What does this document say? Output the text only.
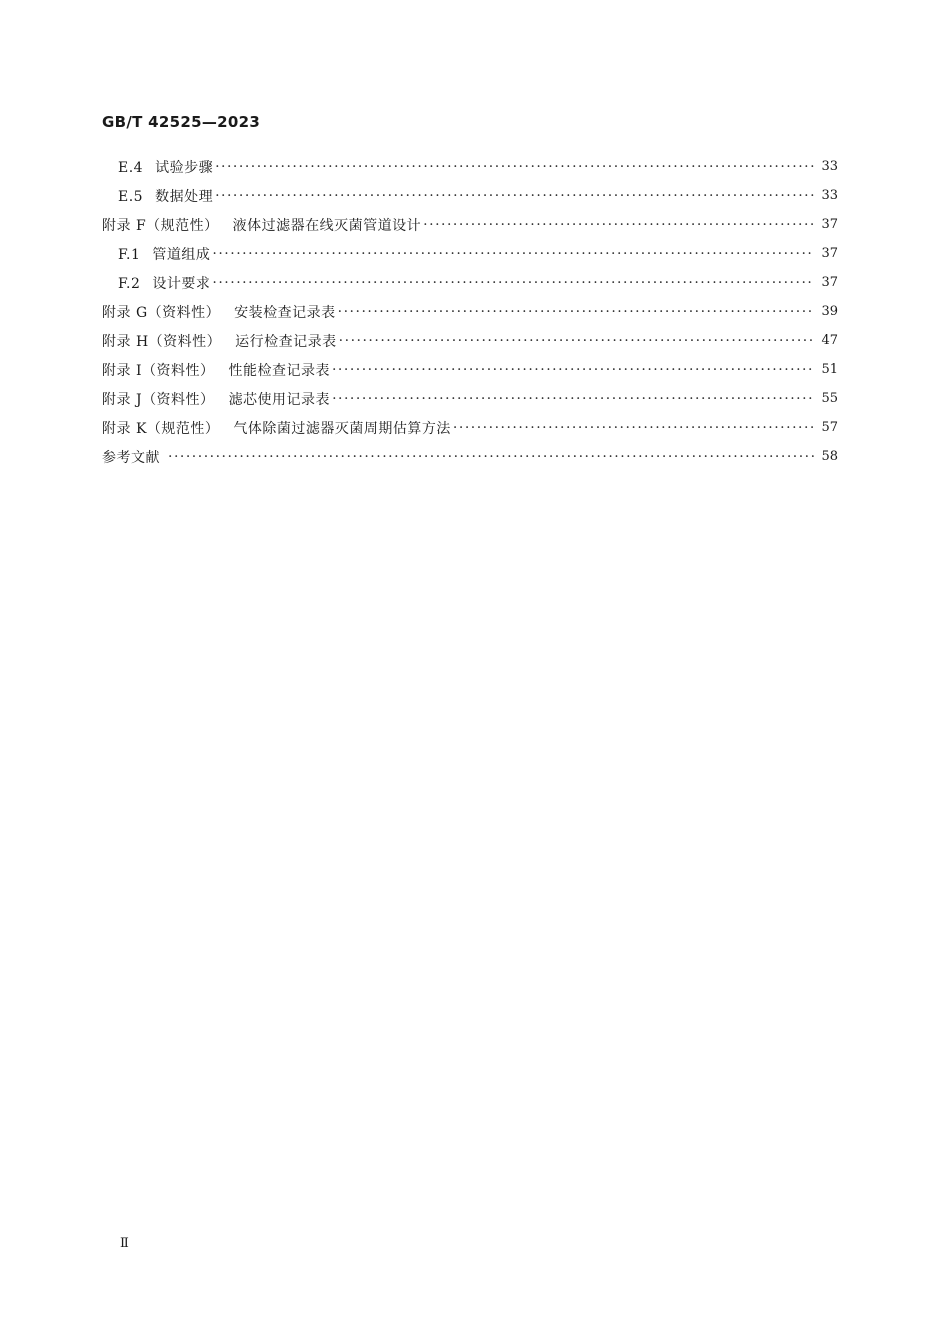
GB/T 42525—2023
E.4 试验步骤 ·····	33
E.5 数据处理 ·····	33
附录 F（规范性） 液体过滤器在线灭菌管道设计 ·····	37
F.1 管道组成 ·····	37
F.2 设计要求 ·····	37
附录 G（资料性） 安装检查记录表 ·····	39
附录 H（资料性） 运行检查记录表 ·····	47
附录 I（资料性） 性能检查记录表 ·····	51
附录 J（资料性） 滤芯使用记录表 ·····	55
附录 K（规范性） 气体除菌过滤器灭菌周期估算方法 ·····	57
参考文献 ·····	58
Ⅱ
